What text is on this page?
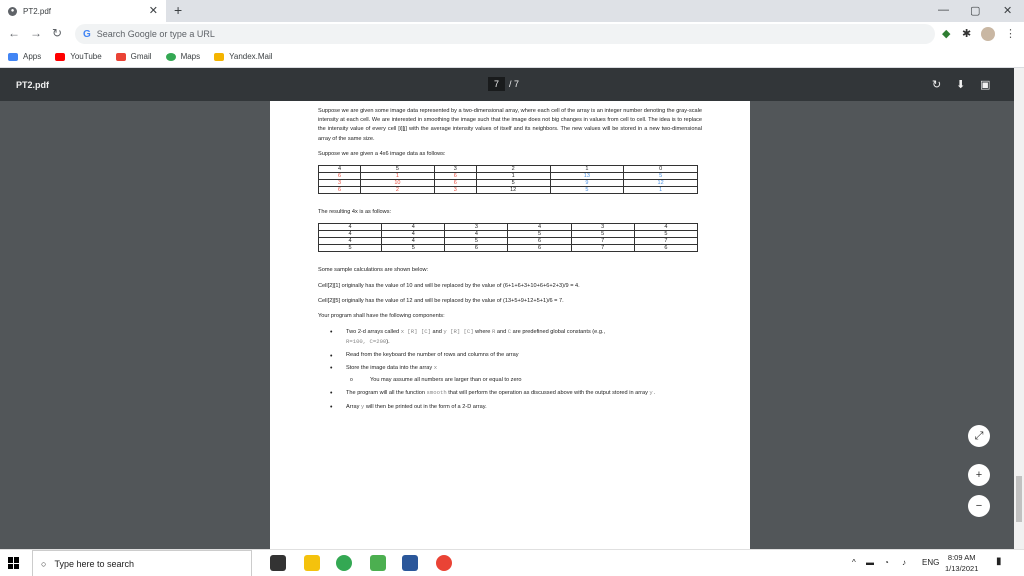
●	PT2.pdf	✕ +	— ▢ ✕
← → ↻ G Search Google or type a URL	◆ ✱	⋮
Apps	YouTube	Gmail	Maps	Yandex.Mail
PT2.pdf	7	/ 7	↻ ⬇ ▣

Suppose we are given some image data represented by a two-dimensional array, where each cell of the array is an integer number denoting the gray-scale intensity at each cell. We are interested in smoothing the image such that the image does not big changes in values from cell to cell. The idea is to replace the intensity value of every cell [i][j] with the average intensity values of itself and its neighbors. The new values will be stored in a new two-dimensional array of the same size.

Suppose we are given a 4x6 image data as follows:

4	5	3	2	1	0
6	1	6	1	13	5
3	10	6	5	9	12
6	2	3	12	5	1

The resulting 4x is as follows:

4	4	3	4	3	4
4	4	4	5	5	5
4	4	5	6	7	7
5	5	6	6	7	6

Some sample calculations are shown below:

Cell[2][1] originally has the value of 10 and will be replaced by the value of (6+1+6+3+10+6+6+2+3)/9 = 4.

Cell[2][5] originally has the value of 12 and will be replaced by the value of (13+5+9+12+5+1)/6 = 7.

Your program shall have the following components:

• Two 2-d arrays called x [R] [C] and y [R] [C] where R and C are predefined global constants (e.g.,
R=100, C=200).
• Read from the keyboard the number of rows and columns of the array
• Store the image data into the array x
o You may assume all numbers are larger than or equal to zero
• The program will all the function smooth that will perform the operation as discussed above with the output stored in array y.
• Array y will then be printed out in the form of a 2-D array.
⤢
+
−
○ Type here to search	^ ▬ ◔ ♪ ENG
8:09 AM
1/13/2021
▮
